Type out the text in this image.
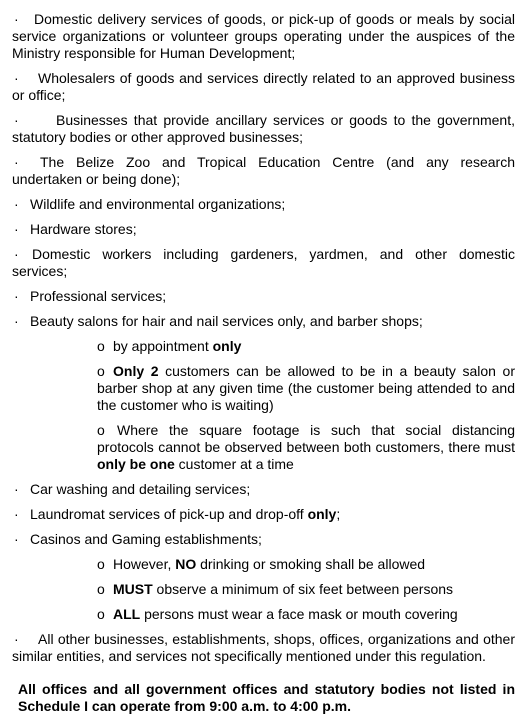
· Domestic delivery services of goods, or pick-up of goods or meals by social service organizations or volunteer groups operating under the auspices of the Ministry responsible for Human Development;
· Wholesalers of goods and services directly related to an approved business or office;
·	Businesses that provide ancillary services or goods to the government, statutory bodies or other approved businesses;
· The Belize Zoo and Tropical Education Centre (and any research undertaken or being done);
· Wildlife and environmental organizations;
· Hardware stores;
· Domestic workers including gardeners, yardmen, and other domestic services;
· Professional services;
· Beauty salons for hair and nail services only, and barber shops;
o by appointment only
o Only 2 customers can be allowed to be in a beauty salon or barber shop at any given time (the customer being attended to and the customer who is waiting)
o Where the square footage is such that social distancing protocols cannot be observed between both customers, there must only be one customer at a time
· Car washing and detailing services;
· Laundromat services of pick-up and drop-off only;
· Casinos and Gaming establishments;
o However, NO drinking or smoking shall be allowed
o MUST observe a minimum of six feet between persons
o ALL persons must wear a face mask or mouth covering
· All other businesses, establishments, shops, offices, organizations and other similar entities, and services not specifically mentioned under this regulation.
All offices and all government offices and statutory bodies not listed in Schedule I can operate from 9:00 a.m. to 4:00 p.m.
